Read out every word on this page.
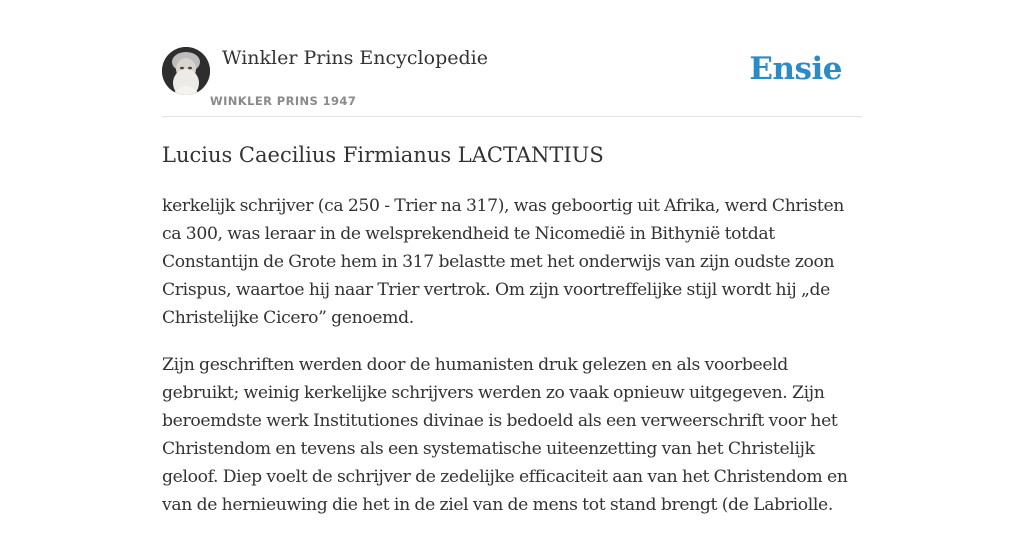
Winkler Prins Encyclopedie
WINKLER PRINS 1947
Ensie
Lucius Caecilius Firmianus LACTANTIUS

kerkelijk schrijver (ca 250 - Trier na 317), was geboortig uit Afrika, werd Christen ca 300, was leraar in de welsprekendheid te Nicomedië in Bithynië totdat Constantijn de Grote hem in 317 belastte met het onderwijs van zijn oudste zoon Crispus, waartoe hij naar Trier vertrok. Om zijn voortreffelijke stijl wordt hij „de Christelijke Cicero” genoemd.

Zijn geschriften werden door de humanisten druk gelezen en als voorbeeld gebruikt; weinig kerkelijke schrijvers werden zo vaak opnieuw uitgegeven. Zijn beroemdste werk Institutiones divinae is bedoeld als een verweerschrift voor het Christendom en tevens als een systematische uiteenzetting van het Christelijk geloof. Diep voelt de schrijver de zedelijke efficaciteit aan van het Christendom en van de hernieuwing die het in de ziel van de mens tot stand brengt (de Labriolle.
